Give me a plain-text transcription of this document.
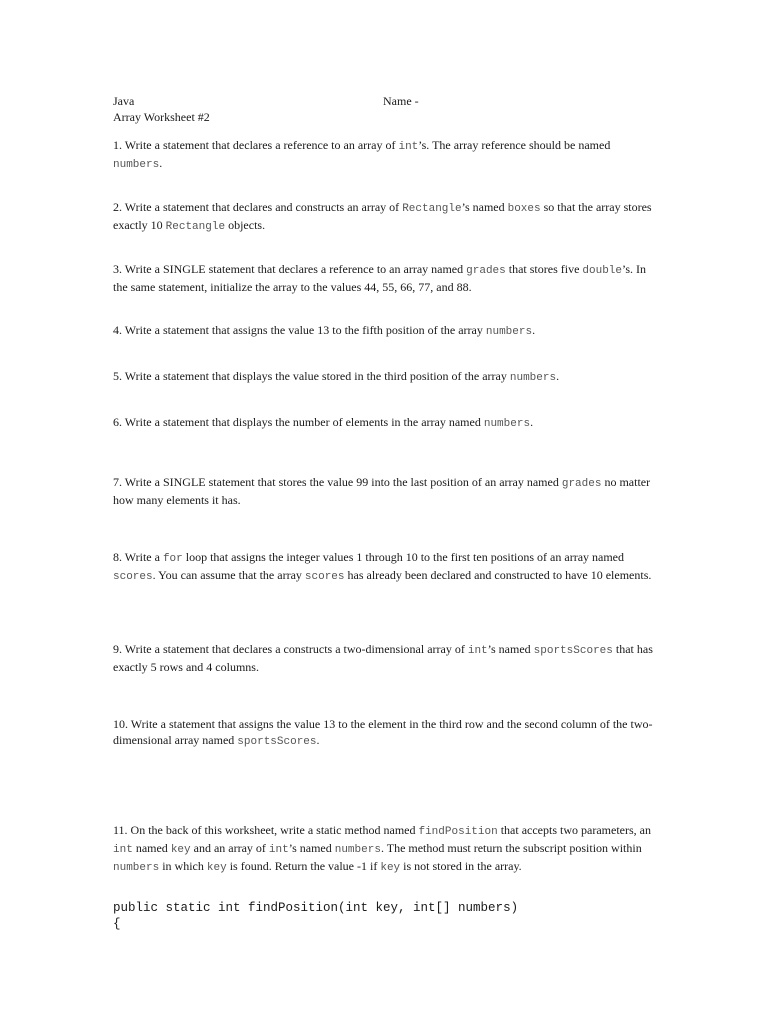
Java
Array Worksheet #2
Name -

1. Write a statement that declares a reference to an array of int’s. The array reference should be named numbers.

2. Write a statement that declares and constructs an array of Rectangle’s named boxes so that the array stores exactly 10 Rectangle objects.

3. Write a SINGLE statement that declares a reference to an array named grades that stores five double’s. In the same statement, initialize the array to the values 44, 55, 66, 77, and 88.

4. Write a statement that assigns the value 13 to the fifth position of the array numbers.

5. Write a statement that displays the value stored in the third position of the array numbers.

6. Write a statement that displays the number of elements in the array named numbers.

7. Write a SINGLE statement that stores the value 99 into the last position of an array named grades no matter how many elements it has.

8. Write a for loop that assigns the integer values 1 through 10 to the first ten positions of an array named scores. You can assume that the array scores has already been declared and constructed to have 10 elements.

9. Write a statement that declares a constructs a two-dimensional array of int’s named sportsScores that has exactly 5 rows and 4 columns.

10. Write a statement that assigns the value 13 to the element in the third row and the second column of the two-dimensional array named sportsScores.

11. On the back of this worksheet, write a static method named findPosition that accepts two parameters, an int named key and an array of int’s named numbers. The method must return the subscript position within numbers in which key is found. Return the value -1 if key is not stored in the array.

public static int findPosition(int key, int[] numbers)
{
